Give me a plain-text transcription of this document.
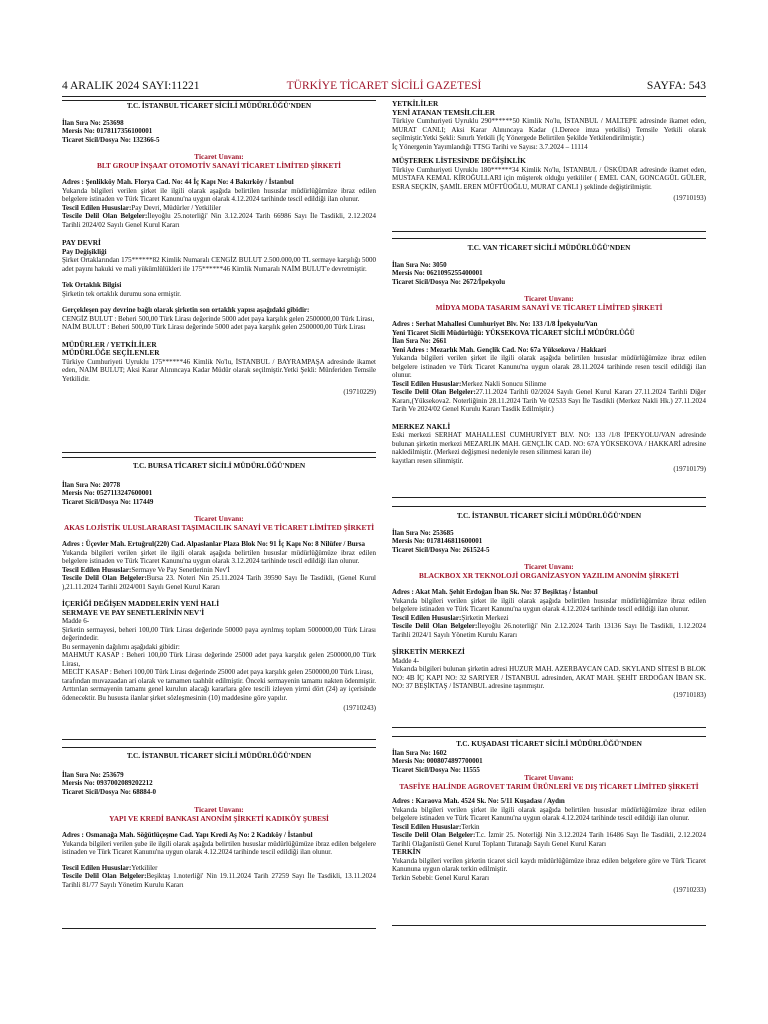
4 ARALIK 2024 SAYI:11221	TÜRKİYE TİCARET SİCİLİ GAZETESİ	SAYFA: 543
T.C. İSTANBUL TİCARET SİCİLİ MÜDÜRLÜĞÜ'NDEN
İlan Sıra No: 253698
Mersis No: 0178117356100001
Ticaret Sicil/Dosya No: 132366-5
Ticaret Unvanı:
BLT GROUP İNŞAAT OTOMOTİV SANAYİ TİCARET LİMİTED ŞİRKETİ
Adres : Şenlikköy Mah. Florya Cad. No: 44 İç Kapı No: 4 Bakırköy / İstanbul
Yukarıda bilgileri verilen şirket ile ilgili olarak aşağıda belirtilen hususlar müdürlüğümüze ibraz edilen belgelere istinaden ve Türk Ticaret Kanunu'na uygun olarak 4.12.2024 tarihinde tescil edildiği ilan olunur.
Tescil Edilen Hususlar:Pay Devri, Müdürler / Yetkililer
Tescile Delil Olan Belgeler:İleyoğlu 25.noterliği' Nin 3.12.2024 Tarih 66986 Sayı İle Tasdikli, 2.12.2024 Tarihli 2024/02 Sayılı Genel Kurul Kararı
PAY DEVRİ
Pay Değişikliği
Şirket Ortaklarından 175******82 Kimlik Numaralı CENGİZ BULUT 2.500.000,00 TL sermaye karşılığı 5000 adet payını hakuki ve mali yükümlülükleri ile 175******46 Kimlik Numaralı NAİM BULUT'e devretmiştir.
Tek Ortaklık Bilgisi
Şirketin tek ortaklık durumu sona ermiştir.
Gerçekleşen pay devrine bağlı olarak şirketin son ortaklık yapısı aşağıdaki gibidir:
CENGİZ BULUT : Beheri 500,00 Türk Lirası değerinde 5000 adet paya karşılık gelen 2500000,00 Türk Lirası,
NAİM BULUT : Beheri 500,00 Türk Lirası değerinde 5000 adet paya karşılık gelen 2500000,00 Türk Lirası
MÜDÜRLER / YETKİLİLER
MÜDÜRLÜĞE SEÇİLENLER
Türkiye Cumhuriyeti Uyruklu 175******46 Kimlik No'lu, İSTANBUL / BAYRAMPAŞA adresinde ikamet eden, NAİM BULUT; Aksi Karar Alınıncaya Kadar Müdür olarak seçilmiştir.Yetki Şekli: Münferiden Temsile Yetkilidir.
(19710229)
T.C. BURSA TİCARET SİCİLİ MÜDÜRLÜĞÜ'NDEN
İlan Sıra No: 20778
Mersis No: 0527113247600001
Ticaret Sicil/Dosya No: 117449
Ticaret Unvanı:
AKAS LOJİSTİK ULUSLARARASI TAŞIMACILIK SANAYİ VE TİCARET LİMİTED ŞİRKETİ
Adres : Üçevler Mah. Ertuğrul(220) Cad. Alpaslanlar Plaza Blok No: 91 İç Kapı No: 8 Nilüfer / Bursa
Yukarıda bilgileri verilen şirket ile ilgili olarak aşağıda belirtilen hususlar müdürlüğümüze ibraz edilen belgelere istinaden ve Türk Ticaret Kanunu'na uygun olarak 3.12.2024 tarihinde tescil edildiği ilan olunur.
Tescil Edilen Hususlar:Sermaye Ve Pay Senetlerinin Nev'İ
Tescile Delil Olan Belgeler:Bursa 23. Noteri Nin 25.11.2024 Tarih 39590 Sayı İle Tasdikli, (Genel Kurul ),21.11.2024 Tarihli 2024/001 Sayılı Genel Kurul Kararı
İÇERİĞİ DEĞİŞEN MADDELERİN YENİ HALİ
SERMAYE VE PAY SENETLERİNİN NEV'İ
Madde 6-
Şirketin sermayesi, beheri 100,00 Türk Lirası değerinde 50000 paya ayrılmış toplam 5000000,00 Türk Lirası değerindedir.
Bu sermayenin dağılımı aşağıdaki gibidir:
MAHMUT KASAP : Beheri 100,00 Türk Lirası değerinde 25000 adet paya karşılık gelen 2500000,00 Türk Lirası,
MECİT KASAP : Beheri 100,00 Türk Lirası değerinde 25000 adet paya karşılık gelen 2500000,00 Türk Lirası,
tarafından muvazaadan ari olarak ve tamamen taahhüt edilmiştir. Önceki sermayenin tamamı nakten ödenmiştir. Arttırılan sermayenin tamamı genel kurulun alacağı kararlara göre tescili izleyen yirmi dört (24) ay içerisinde ödenecektir. Bu hususta ilanlar şirket sözleşmesinin (10) maddesine göre yapılır.
(19710243)
T.C. İSTANBUL TİCARET SİCİLİ MÜDÜRLÜĞÜ'NDEN
İlan Sıra No: 253679
Mersis No: 0937002089202212
Ticaret Sicil/Dosya No: 68884-0
Ticaret Unvanı:
YAPI VE KREDİ BANKASI ANONİM ŞİRKETİ KADIKÖY ŞUBESİ
Adres : Osmanağa Mah. Söğütlüçeşme Cad. Yapı Kredi Aş No: 2 Kadıköy / İstanbul
Yukarıda bilgileri verilen şube ile ilgili olarak aşağıda belirtilen hususlar müdürlüğümüze ibraz edilen belgelere istinaden ve Türk Ticaret Kanunu'na uygun olarak 4.12.2024 tarihinde tescil edildiği ilan olunur.
Tescil Edilen Hususlar:Yetkililer
Tescile Delil Olan Belgeler:Beşiktaş 1.noterliği' Nin 19.11.2024 Tarih 27259 Sayı İle Tasdikli, 13.11.2024 Tarihli 81/77 Sayılı Yönetim Kurulu Kararı
YETKİLİLER
YENİ ATANAN TEMSİLCİLER
Türkiye Cumhuriyeti Uyruklu 290******50 Kimlik No'lu, İSTANBUL / MALTEPE adresinde ikamet eden, MURAT CANLI; Aksi Karar Alınıncaya Kadar (1.Derece imza yetkilisi) Temsile Yetkili olarak seçilmiştir.Yetki Şekli: Sınırlı Yetkili (İç Yönergede Belirtilen Şekilde Yetkilendirilmiştir.)
İç Yönergenin Yayımlandığı TTSG Tarihi ve Sayısı: 3.7.2024 – 11114
MÜŞTEREK LİSTESİNDE DEĞİŞİKLİK
Türkiye Cumhuriyeti Uyruklu 180******34 Kimlik No'lu, İSTANBUL / ÜSKÜDAR adresinde ikamet eden, MUSTAFA KEMAL KİROĞULLARI için müşterek olduğu yetkililer ( EMEL CAN, GONCAGÜL GÜLER, ESRA SEÇKİN, ŞAMİL EREN MÜFTÜOĞLU, MURAT CANLI ) şeklinde değiştirilmiştir.
(19710193)
T.C. VAN TİCARET SİCİLİ MÜDÜRLÜĞÜ'NDEN
İlan Sıra No: 3050
Mersis No: 0621095255400001
Ticaret Sicil/Dosya No: 2672/İpekyolu
Ticaret Unvanı:
MİDYA MODA TASARIM SANAYİ VE TİCARET LİMİTED ŞİRKETİ
Adres : Serhat Mahallesi Cumhuriyet Blv. No: 133 /1/8 İpekyolu/Van
Yeni Ticaret Sicili Müdürlüğü: YÜKSEKOVA TİCARET SİCİLİ MÜDÜRLÜĞÜ
İlan Sıra No: 2661
Yeni Adres : Mezarlık Mah. Gençlik Cad. No: 67a Yüksekova / Hakkari
Yukarıda bilgileri verilen şirket ile ilgili olarak aşağıda belirtilen hususlar müdürlüğümüze ibraz edilen belgelere istinaden ve Türk Ticaret Kanunu'na uygun olarak 28.11.2024 tarihinde resen tescil edildiği ilan olunur.
Tescil Edilen Hususlar:Merkez Nakli Sonucu Silinme
Tescile Delil Olan Belgeler:27.11.2024 Tarihli 02/2024 Sayılı Genel Kurul Kararı 27.11.2024 Tarihli Diğer Kararı,(Yüksekova2. Noterliğinin 28.11.2024 Tarih Ve 02533 Sayı İle Tasdikli (Merkez Nakli Hk.) 27.11.2024 Tarih Ve 2024/02 Genel Kurulu Kararı Tasdik Edilmiştir.)
MERKEZ NAKLİ
Eski merkezi SERHAT MAHALLESİ CUMHURİYET BLV. NO: 133 /1/8 İPEKYOLU/VAN adresinde bulunan şirketin merkezi MEZARLIK MAH. GENÇLİK CAD. NO: 67A YÜKSEKOVA / HAKKARİ adresine nakledilmiştir. (Merkezi değişmesi nedeniyle resen silinmesi kararı ile)
kayıtları resen silinmiştir.
(19710179)
T.C. İSTANBUL TİCARET SİCİLİ MÜDÜRLÜĞÜ'NDEN
İlan Sıra No: 253685
Mersis No: 0178146811600001
Ticaret Sicil/Dosya No: 261524-5
Ticaret Unvanı:
BLACKBOX XR TEKNOLOJİ ORGANİZASYON YAZILIM ANONİM ŞİRKETİ
Adres : Akat Mah. Şehit Erdoğan İban Sk. No: 37 Beşiktaş / İstanbul
Yukarıda bilgileri verilen şirket ile ilgili olarak aşağıda belirtilen hususlar müdürlüğümüze ibraz edilen belgelere istinaden ve Türk Ticaret Kanunu'na uygun olarak 4.12.2024 tarihinde tescil edildiği ilan olunur.
Tescil Edilen Hususlar:Şirketin Merkezi
Tescile Delil Olan Belgeler:İleyoğlu 26.noterliği' Nin 2.12.2024 Tarih 13136 Sayı İle Tasdikli, 1.12.2024 Tarihli 2024/1 Sayılı Yönetim Kurulu Kararı
ŞİRKETİN MERKEZİ
Madde 4-
Yukarıda bilgileri bulunan şirketin adresi HUZUR MAH. AZERBAYCAN CAD. SKYLAND SİTESİ B BLOK NO: 4B İÇ KAPI NO: 32 SARIYER / İSTANBUL adresinden, AKAT MAH. ŞEHİT ERDOĞAN İBAN SK. NO: 37 BEŞİKTAŞ / İSTANBUL adresine taşınmıştır.
(19710183)
T.C. KUŞADASI TİCARET SİCİLİ MÜDÜRLÜĞÜ'NDEN
İlan Sıra No: 1602
Mersis No: 0008074897700001
Ticaret Sicil/Dosya No: 11555
Ticaret Unvanı:
TASFİYE HALİNDE AGROVET TARIM ÜRÜNLERİ VE DIŞ TİCARET LİMİTED ŞİRKETİ
Adres : Karaova Mah. 4524 Sk. No: 5/11 Kuşadası / Aydın
Yukarıda bilgileri verilen şirket ile ilgili olarak aşağıda belirtilen hususlar müdürlüğümüze ibraz edilen belgelere istinaden ve Türk Ticaret Kanunu'na uygun olarak 4.12.2024 tarihinde tescil edildiği ilan olunur.
Tescil Edilen Hususlar:Terkin
Tescile Delil Olan Belgeler:T.c. İzmir 25. Noterliği Nin 3.12.2024 Tarih 16486 Sayı İle Tasdikli, 2.12.2024 Tarihli Olağanüstü Genel Kurul Toplantı Tutanağı Sayılı Genel Kurul Kararı
TERKİN
Yukarıda bilgileri verilen şirketin ticaret sicil kaydı müdürlüğümüze ibraz edilen belgelere göre ve Türk Ticaret Kanununa uygun olarak terkin edilmiştir.
Terkin Sebebi: Genel Kurul Kararı
(19710233)
